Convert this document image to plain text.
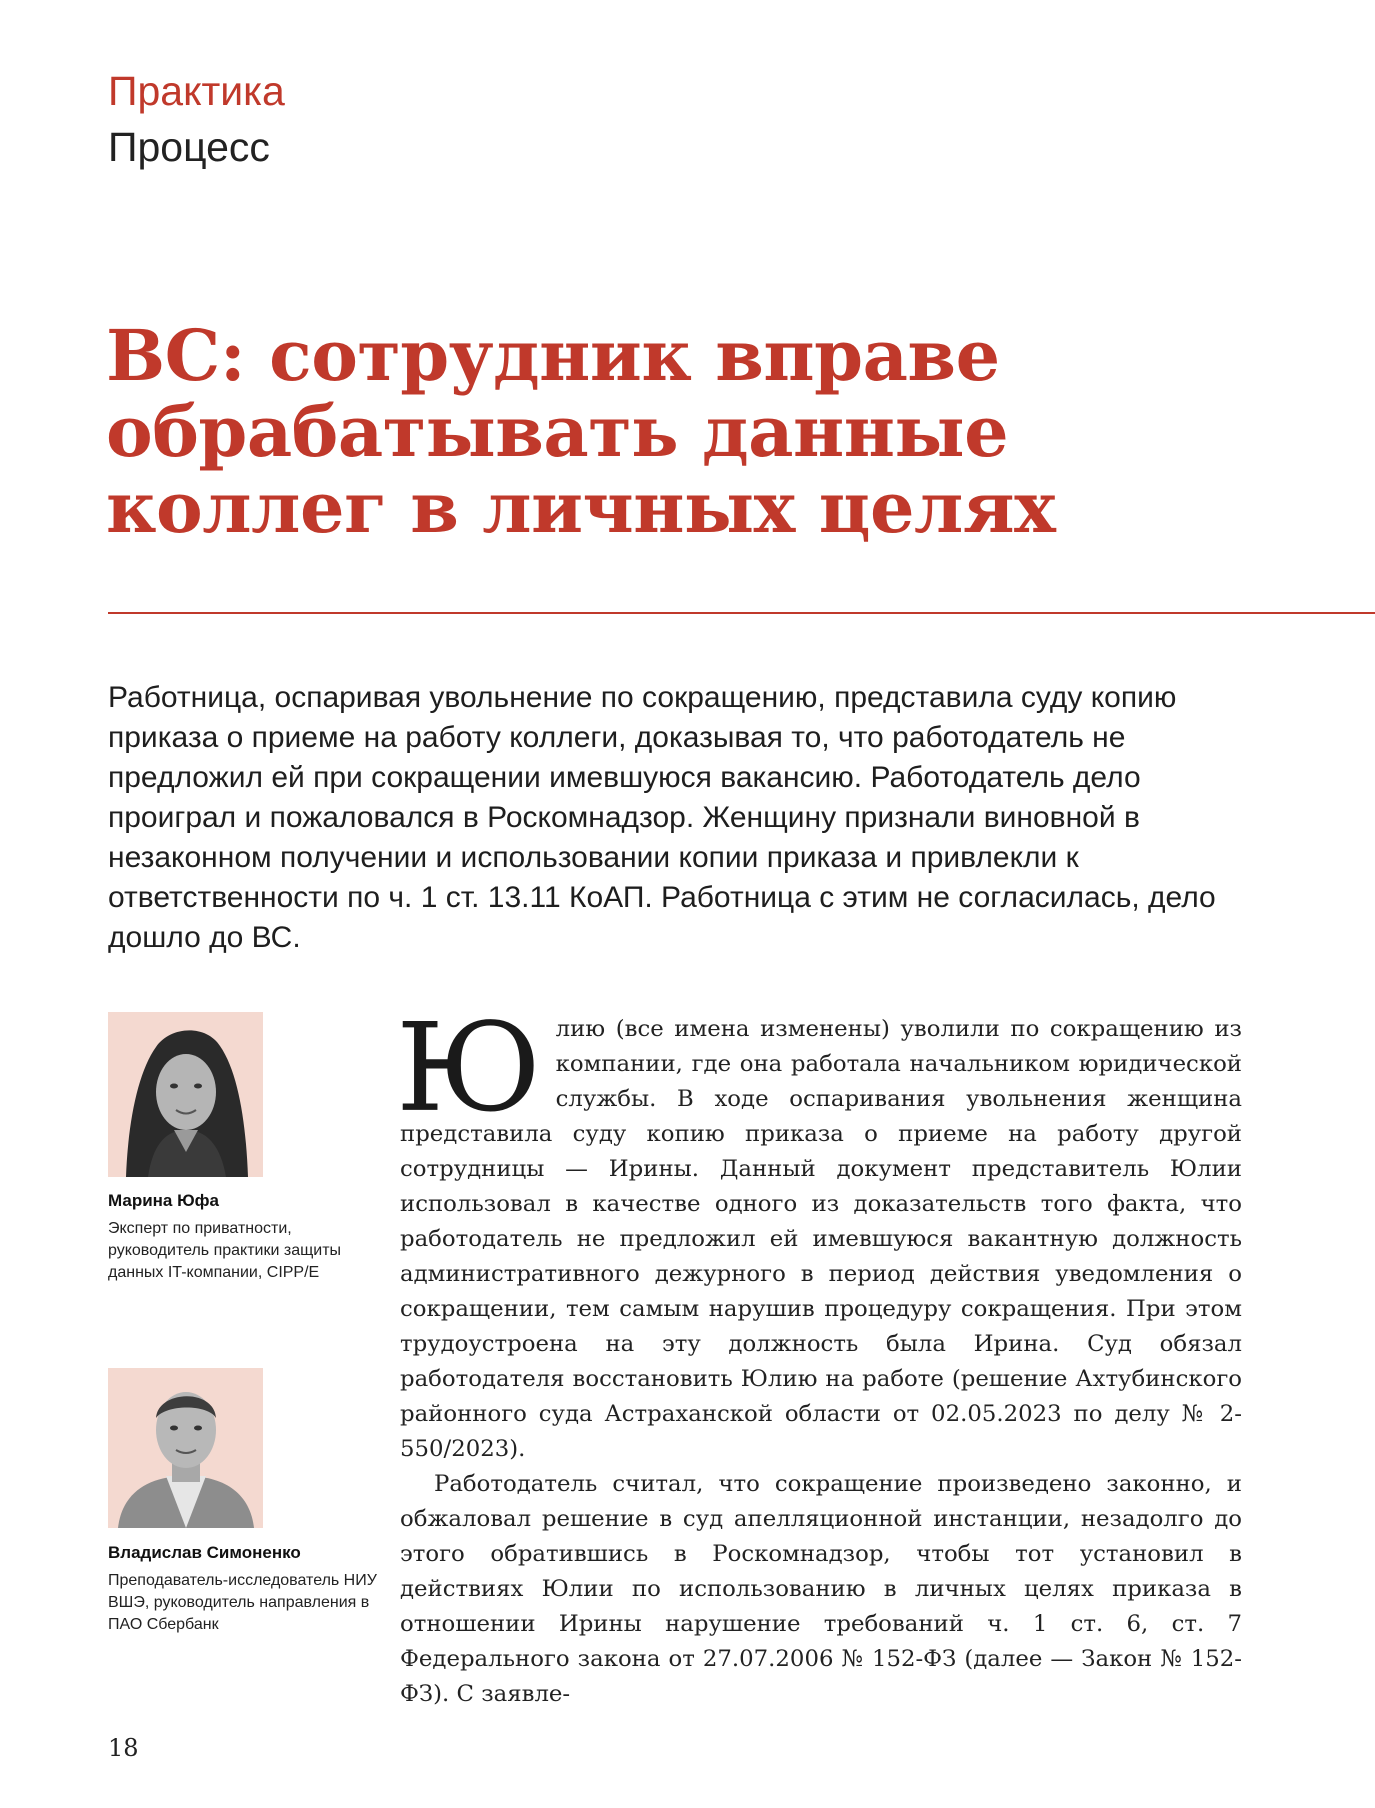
Практика
Процесс
ВС: сотрудник вправе обрабатывать данные коллег в личных целях
Работница, оспаривая увольнение по сокращению, представила суду копию приказа о приеме на работу коллеги, доказывая то, что работодатель не предложил ей при сокращении имевшуюся вакансию. Работодатель дело проиграл и пожаловался в Роскомнадзор. Женщину признали виновной в незаконном получении и использовании копии приказа и привлекли к ответственности по ч. 1 ст. 13.11 КоАП. Работница с этим не согласилась, дело дошло до ВС.
Марина Юфа
Эксперт по приватности, руководитель практики защиты данных IT-компании, CIPP/E
Владислав Симоненко
Преподаватель-исследователь НИУ ВШЭ, руководитель направления в ПАО Сбербанк

Юлию (все имена изменены) уволили по сокращению из компании, где она работала начальником юридической службы. В ходе оспаривания увольнения женщина представила суду копию приказа о приеме на работу другой сотрудницы — Ирины. Данный документ представитель Юлии использовал в качестве одного из доказательств того факта, что работодатель не предложил ей имевшуюся вакантную должность административного дежурного в период действия уведомления о сокращении, тем самым нарушив процедуру сокращения. При этом трудоустроена на эту должность была Ирина. Суд обязал работодателя восстановить Юлию на работе (решение Ахтубинского районного суда Астраханской области от 02.05.2023 по делу № 2-550/2023).

Работодатель считал, что сокращение произведено законно, и обжаловал решение в суд апелляционной инстанции, незадолго до этого обратившись в Роскомнадзор, чтобы тот установил в действиях Юлии по использованию в личных целях приказа в отношении Ирины нарушение требований ч. 1 ст. 6, ст. 7 Федерального закона от 27.07.2006 № 152-ФЗ (далее — Закон № 152-ФЗ). С заявле-

18
